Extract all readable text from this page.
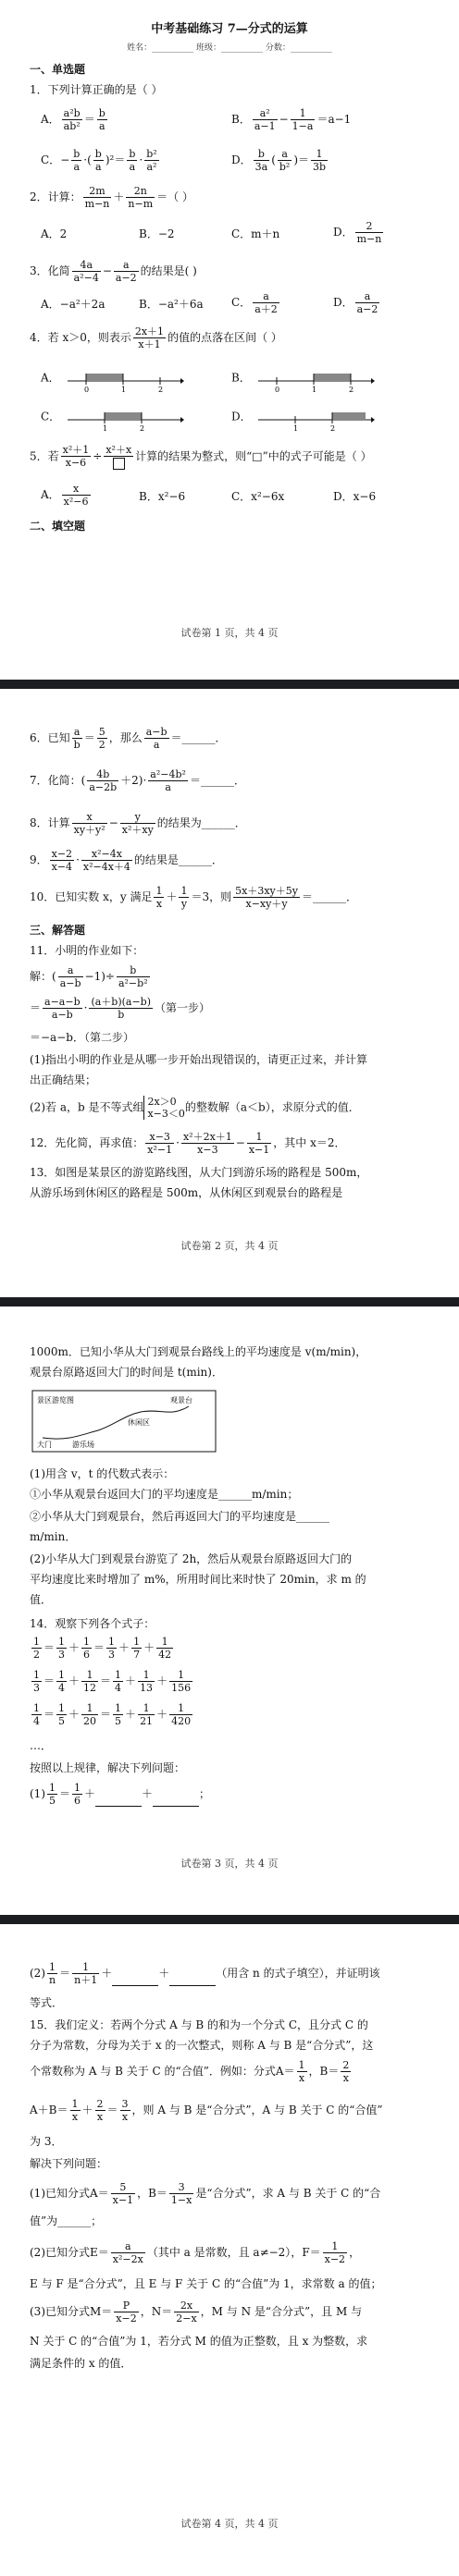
中考基础练习 7—分式的运算
姓名：__________ 班级：__________ 分数：__________
一、单选题
1．下列计算正确的是（ ）
A． $\frac{\text{a²b}}{\text{ab²}} = \frac{b}{a}$	B． $\frac{\text{a²}}{a-1} - \frac{1}{1-a} =a-1$
C．− $\frac{b}{a}$ ·( $\frac{b}{a} )^2= \frac{b}{a} \cdot \frac{\text{b²}}{\text{a²}}$	D． $\frac{b}{3a}$ ( $\frac{a}{\text{b²}}$ )＝ $\frac{1}{3b}$
2．计算： $\frac{2m}{m-n} + \frac{2n}{n-m}$ ＝（ ）
A．2	B．−2	C．m＋n	D． $\frac{2}{m-n}$
3．化简 $\frac{4a}{\text{a²−4}} - \frac{a}{a-2}$ 的结果是( )
A．−a²＋2a	B．−a²＋6a	C． $\frac{a}{a+2}$	D． $\frac{a}{a-2}$
4．若 x＞0，则表示 $\frac{2x+1}{x+1}$ 的值的点落在区间（ ）
A．
0	1	2
B．
0	1	2
C．
1	2
D．
1	2
5．若 $\frac{\text{x²＋1}}{x-6} \div x^2+x$ 计算的结果为整式，则“□”中的式子可能是（ ）
A． $\frac{x}{\text{x²−6}}$	B．x²−6	C．x²−6x	D．x−6
二、填空题
试卷第 1 页，共 4 页
6．已知 $\frac{a}{b} = \frac{5}{2}$ ，那么 $\frac{a-b}{a}$ ＝______．
7．化简：( $\frac{4b}{a-2b} +2)\cdot \frac{\text{a²−4b²}}{a}$ ＝______．
8．计算 $\frac{x}{\text{xy＋y²}} - \frac{y}{\text{x²＋xy}}$ 的结果为______．
9． $\frac{x-2}{x-4} \cdot \frac{\text{x²−4x}}{\text{x²−4x＋4}}$ 的结果是______．
10．已知实数 x，y 满足 $\frac{1}{x} + \frac{1}{y} =3$，则 $\frac{5x+3xy+5y}{x-xy+y}$ ＝______．
三、解答题
11．小明的作业如下：
解：( $\frac{a}{a-b} -1)\div \frac{b}{\text{a²−b²}}$
＝ $\frac{a-a-b}{a-b} \cdot \frac{(a+b)(a-b)}{b}$ （第一步）
＝−a−b．（第二步）
(1)指出小明的作业是从哪一步开始出现错误的，请更正过来，并计算
出正确结果；
(2)若 a，b 是不等式组 2x＞0
x−3＜0的整数解（a＜b），求原分式的值．
12．先化简，再求值： $\frac{x-3}{\text{x²−1}} \cdot \frac{\text{x²＋2x＋1}}{x-3} - \frac{1}{x-1}$ ，其中 x＝2．
13．如图是某景区的游览路线图，从大门到游乐场的路程是 500m，
从游乐场到休闲区的路程是 500m，从休闲区到观景台的路程是
试卷第 2 页，共 4 页
1000m．已知小华从大门到观景台路线上的平均速度是 v(m/min)，
观景台原路返回大门的时间是 t(min)．
景区游览图	观景台
休闲区
大门	游乐场
(1)用含 v，t 的代数式表示：
①小华从观景台返回大门的平均速度是______m/min；
②小华从大门到观景台，然后再返回大门的平均速度是______
m/min．
(2)小华从大门到观景台游览了 2h，然后从观景台原路返回大门的
平均速度比来时增加了 m%，所用时间比来时快了 20min，求 m 的
值．
14．观察下列各个式子：
$\frac{1}{2} = \frac{1}{3} + \frac{1}{6} = \frac{1}{3} + \frac{1}{7} + \frac{1}{42}$
$\frac{1}{3} = \frac{1}{4} + \frac{1}{12} = \frac{1}{4} + \frac{1}{13} + \frac{1}{156}$
$\frac{1}{4} = \frac{1}{5} + \frac{1}{20} = \frac{1}{5} + \frac{1}{21} + \frac{1}{420}$
…．
按照以上规律，解决下列问题：
$(1) \frac{1}{5} = \frac{1}{6}$ ＋	＋	；
试卷第 3 页，共 4 页
$(2) \frac{1}{n} = \frac{1}{n+1}$ ＋	＋	（用含 n 的式子填空），并证明该
等式．
15．我们定义：若两个分式 A 与 B 的和为一个分式 C，且分式 C 的
分子为常数，分母为关于 x 的一次整式，则称 A 与 B 是“合分式”，这
个常数称为 A 与 B 关于 C 的“合值”．例如：分式$A= \frac{1}{x}$ ，$B= \frac{2}{x}$
$A+B= \frac{1}{x} + \frac{2}{x} = \frac{3}{x}$ ，则 A 与 B 是“合分式”，A 与 B 关于 C 的“合值”
为 3．
解决下列问题：
(1)已知分式$A= \frac{5}{x-1}$ ，$B= \frac{3}{1-x}$ 是“合分式”，求 A 与 B 关于 C 的“合
值”为______；
(2)已知分式$E= \frac{a}{\text{x²−2x}}$ （其中 a 是常数，且 a≠−2），$F= \frac{1}{x-2}$ ，
E 与 F 是“合分式”，且 E 与 F 关于 C 的“合值”为 1，求常数 a 的值；
(3)已知分式$M= \frac{P}{x-2}$ ，$N= \frac{2x}{2-x}$ ，M 与 N 是“合分式”，且 M 与
N 关于 C 的“合值”为 1，若分式 M 的值为正整数，且 x 为整数，求
满足条件的 x 的值．
试卷第 4 页，共 4 页
